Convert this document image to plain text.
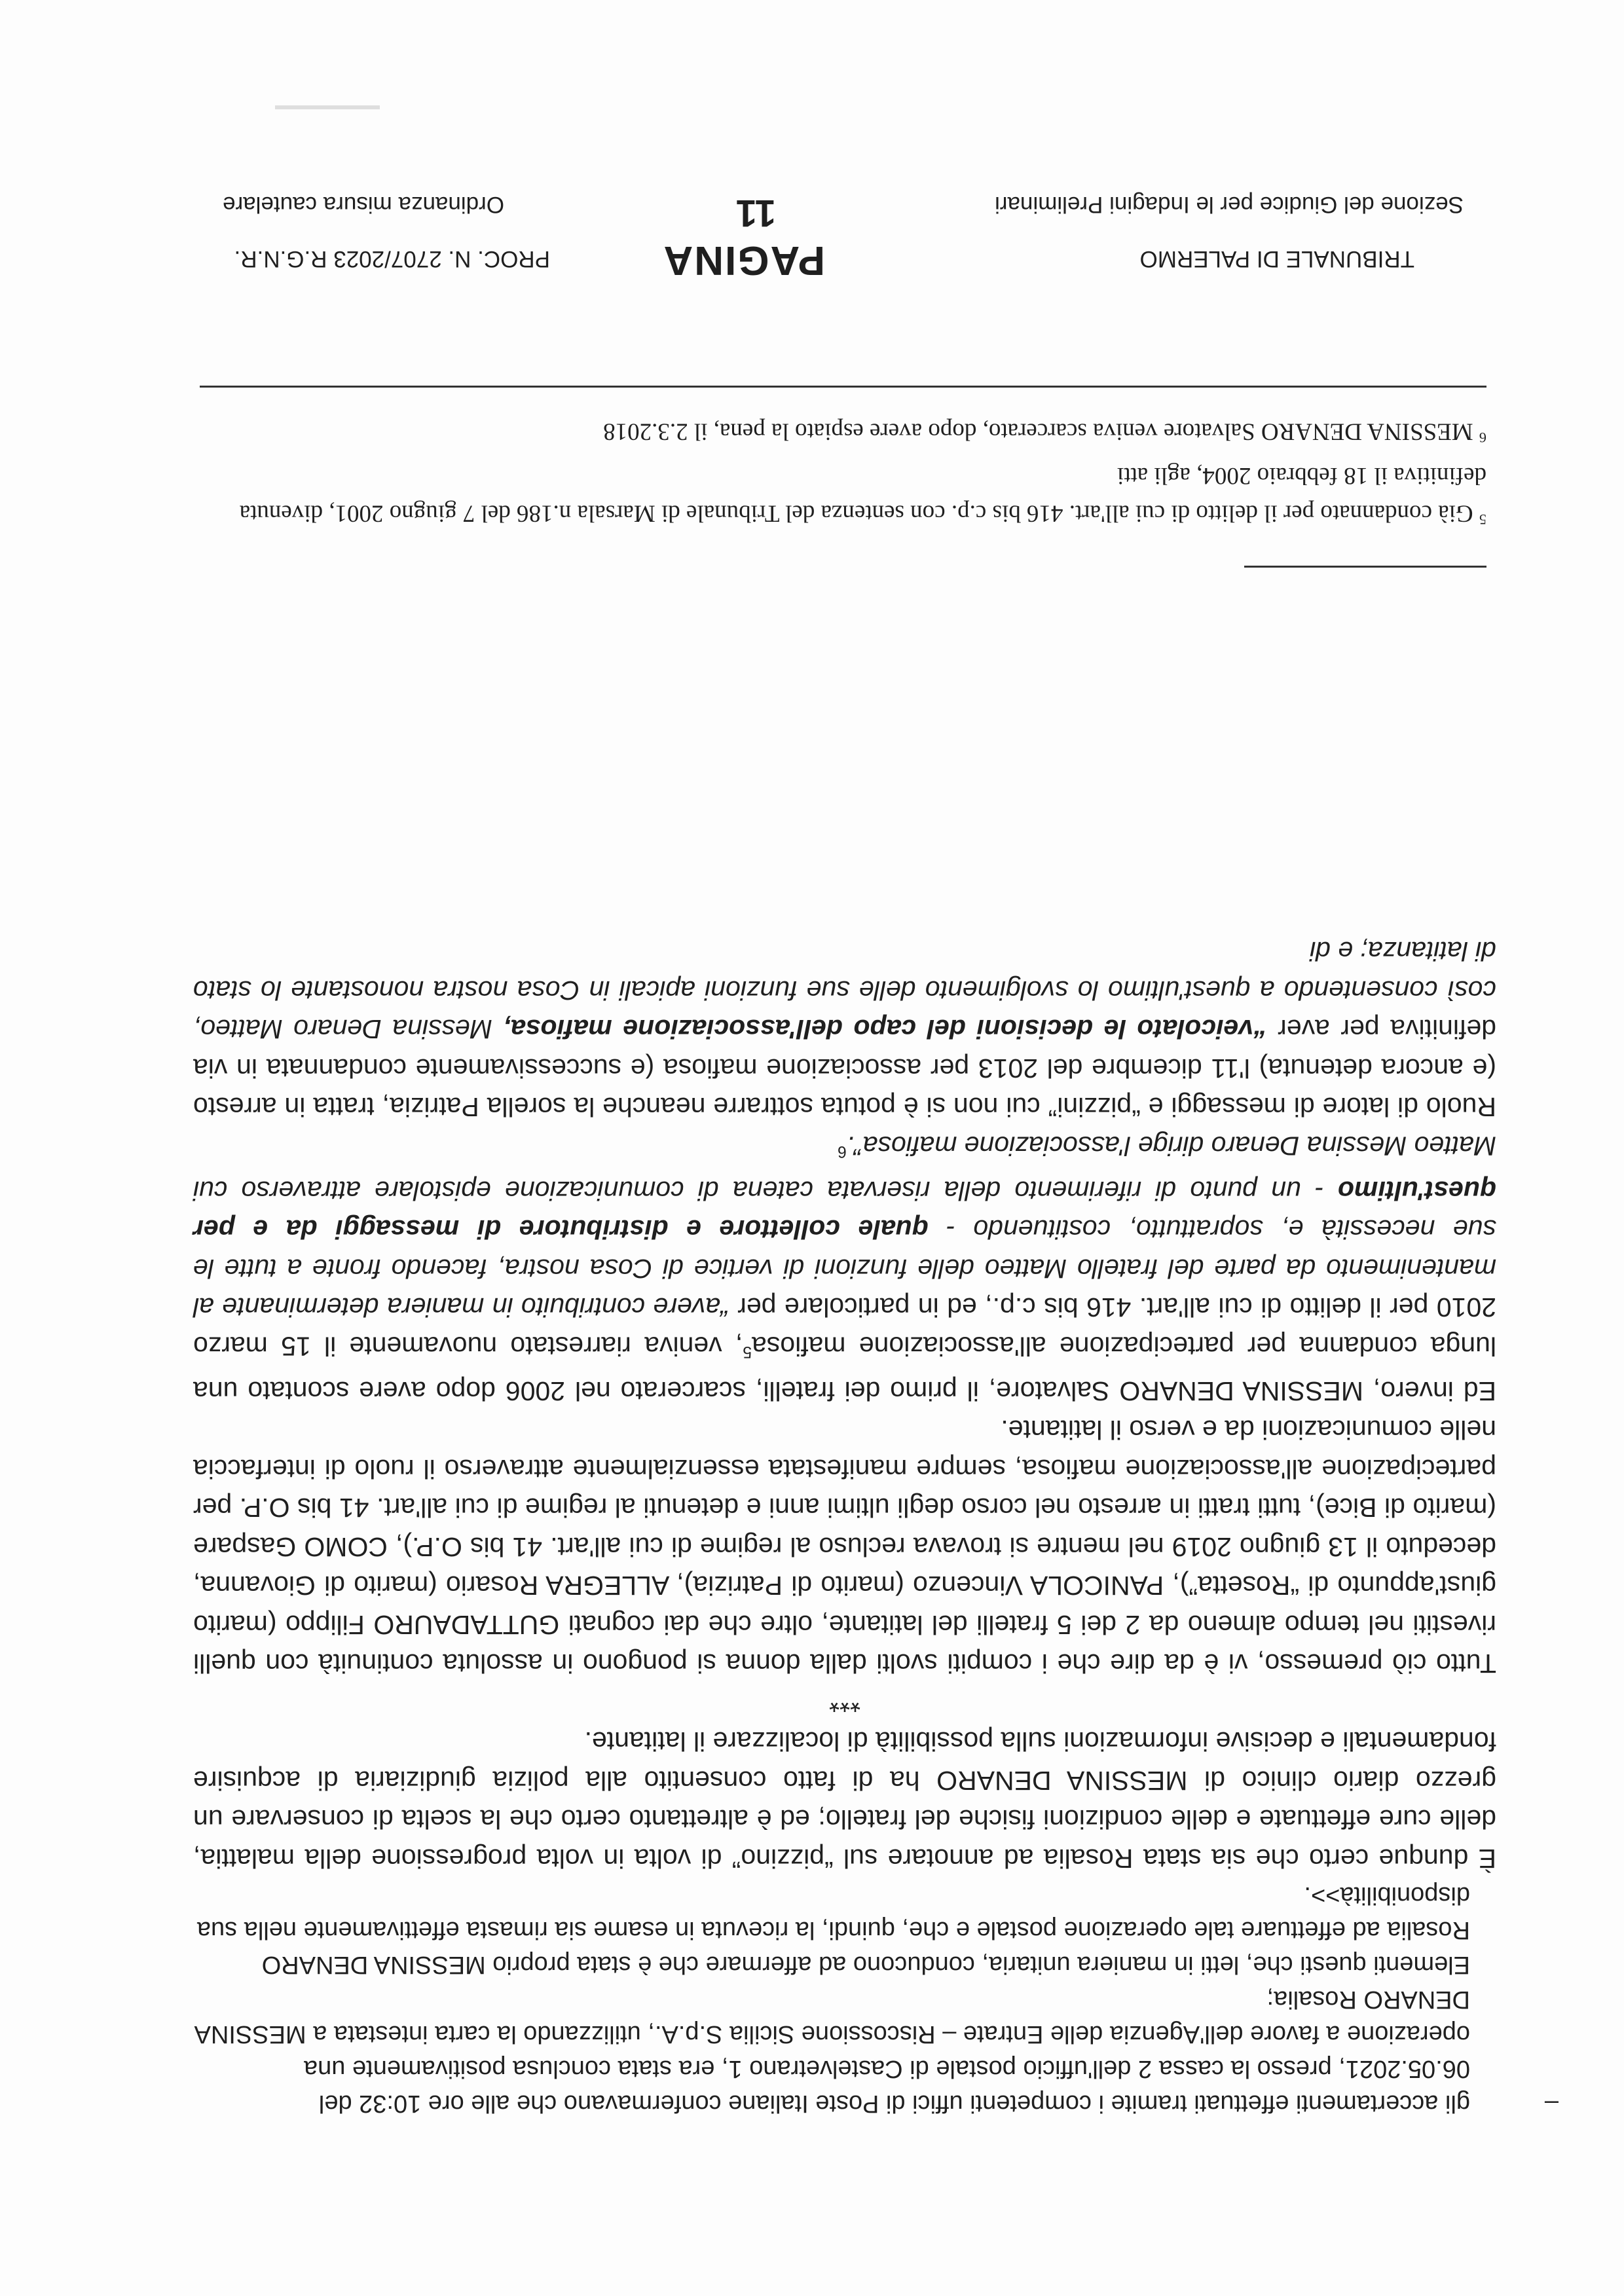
TRIBUNALE DI PALERMO
Sezione del Giudice per le Indagini Preliminari
PAGINA
11
PROC. N. 2707/2023 R.G.N.R.
Ordinanza misura cautelare

$^5$ Già condannato per il delitto di cui all'art. 416 bis c.p. con sentenza del Tribunale di Marsala n.186 del 7 giugno 2001, divenuta definitiva il 18 febbraio 2004, agli atti

$^6$ MESSINA DENARO Salvatore veniva scarcerato, dopo avere espiato la pena, il 2.3.2018

–
gli accertamenti effettuati tramite i competenti uffici di Poste Italiane confermavano che alle ore 10:32 del 06.05.2021, presso la cassa 2 dell'ufficio postale di Castelvetrano 1, era stata conclusa positivamente una operazione a favore dell'Agenzia delle Entrate – Riscossione Sicilia S.p.A., utilizzando la carta intestata a MESSINA DENARO Rosalia;
Elementi questi che, letti in maniera unitaria, conducono ad affermare che è stata proprio MESSINA DENARO Rosalia ad effettuare tale operazione postale e che, quindi, la ricevuta in esame sia rimasta effettivamente nella sua disponibilità>>.

È dunque certo che sia stata Rosalia ad annotare sul “pizzino” di volta in volta progressione della malattia, delle cure effettuate e delle condizioni fisiche del fratello; ed è altrettanto certo che la scelta di conservare un grezzo diario clinico di MESSINA DENARO ha di fatto consentito alla polizia giudiziaria di acquisire fondamentali e decisive informazioni sulla possibilità di localizzare il latitante.

***

Tutto ciò premesso, vi è da dire che i compiti svolti dalla donna si pongono in assoluta continuità con quelli rivestiti nel tempo almeno da 2 dei 5 fratelli del latitante, oltre che dai cognati GUTTADAURO Filippo (marito giust'appunto di “Rosetta”), PANICOLA Vincenzo (marito di Patrizia), ALLEGRA Rosario (marito di Giovanna, deceduto il 13 giugno 2019 nel mentre si trovava recluso al regime di cui all'art. 41 bis O.P.), COMO Gaspare (marito di Bice), tutti tratti in arresto nel corso degli ultimi anni e detenuti al regime di cui all'art. 41 bis O.P. per partecipazione all'associazione mafiosa, sempre manifestata essenzialmente attraverso il ruolo di interfaccia nelle comunicazioni da e verso il latitante.

Ed invero, MESSINA DENARO Salvatore, il primo dei fratelli, scarcerato nel 2006 dopo avere scontato una lunga condanna per partecipazione all'associazione mafiosa$^5$, veniva riarrestato nuovamente il 15 marzo 2010 per il delitto di cui all'art. 416 bis c.p., ed in particolare per “avere contribuito in maniera determinante al mantenimento da parte del fratello Matteo delle funzioni di vertice di Cosa nostra, facendo fronte a tutte le sue necessità e, soprattutto, costituendo - quale collettore e distributore di messaggi da e per quest'ultimo - un punto di riferimento della riservata catena di comunicazione epistolare attraverso cui Matteo Messina Denaro dirige l'associazione mafiosa”.$^6$

Ruolo di latore di messaggi e “pizzini” cui non si è potuta sottrarre neanche la sorella Patrizia, tratta in arresto (e ancora detenuta) l'11 dicembre del 2013 per associazione mafiosa (e successivamente condannata in via definitiva per aver “veicolato le decisioni del capo dell'associazione mafiosa, Messina Denaro Matteo, così consentendo a quest'ultimo lo svolgimento delle sue funzioni apicali in Cosa nostra nonostante lo stato di latitanza; e di
